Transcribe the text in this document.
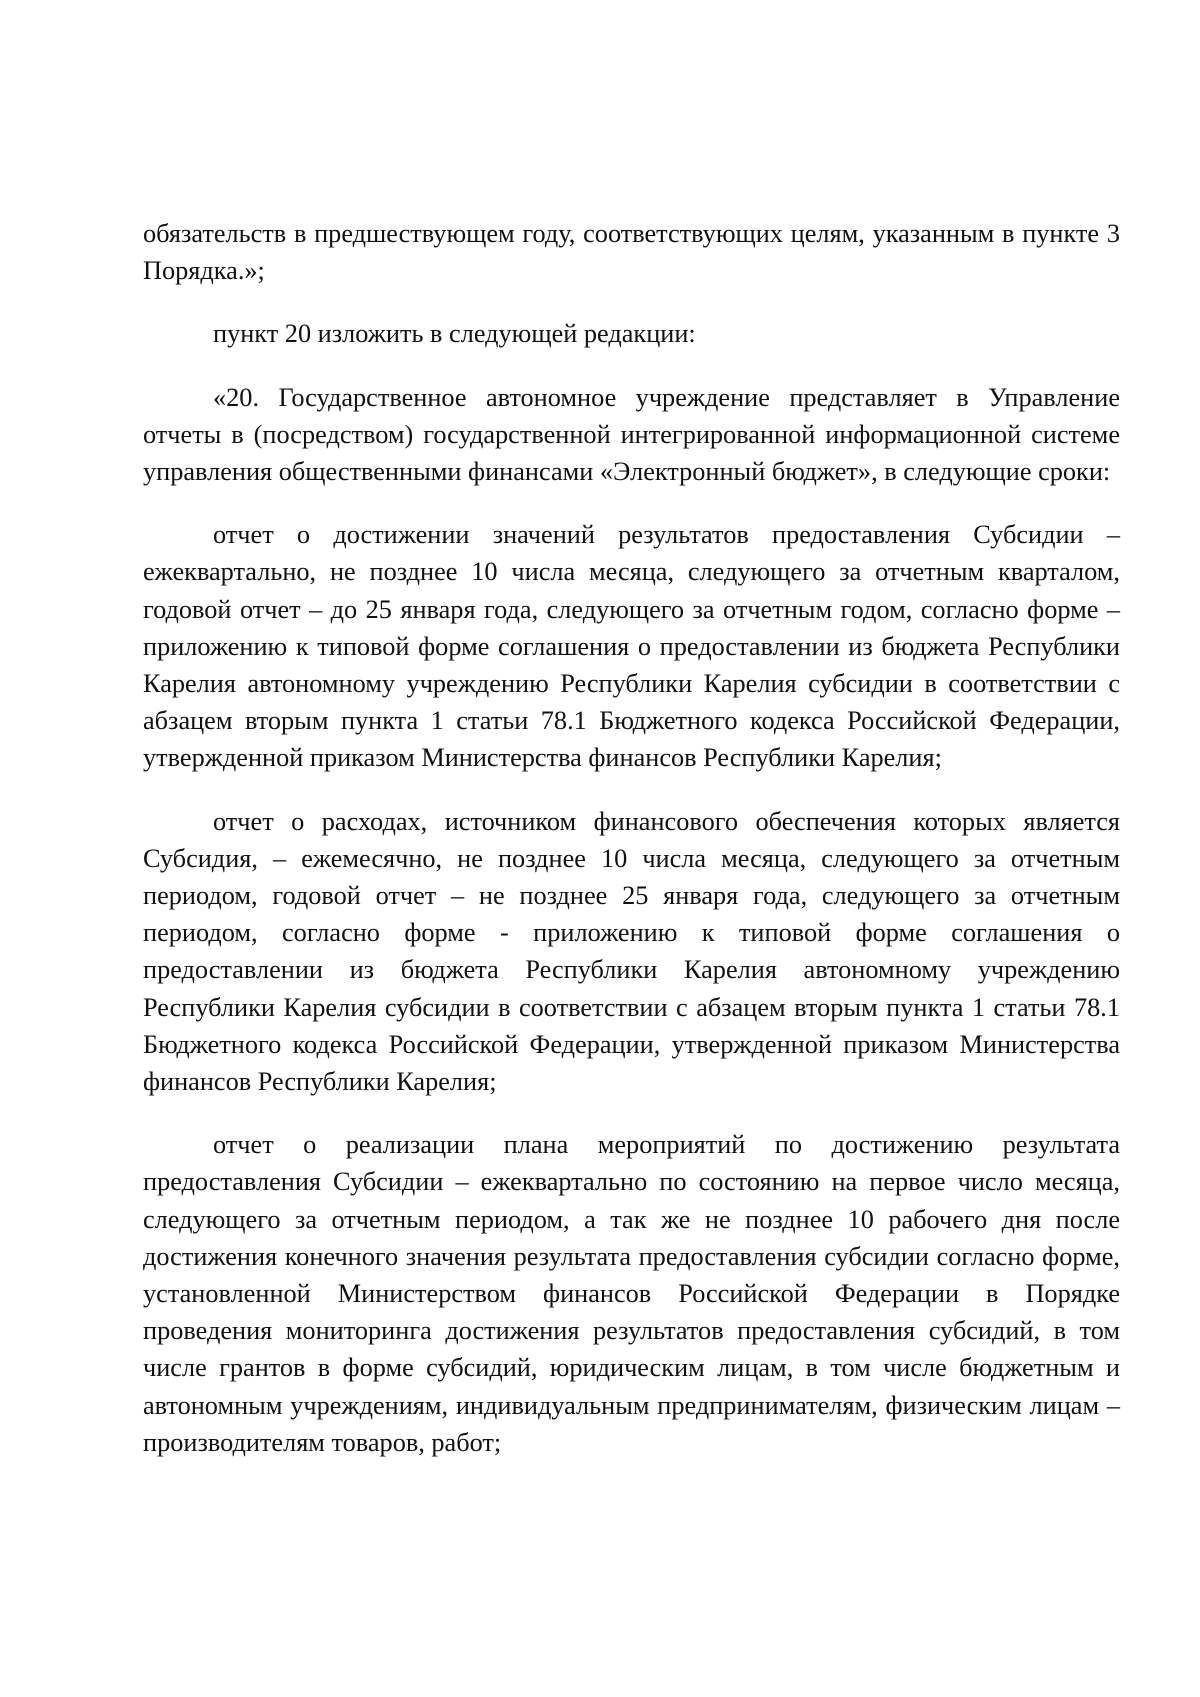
обязательств в предшествующем году, соответствующих целям, указанным в пункте 3 Порядка.»;

пункт 20 изложить в следующей редакции:

«20. Государственное автономное учреждение представляет в Управление отчеты в (посредством) государственной интегрированной информационной системе управления общественными финансами «Электронный бюджет», в следующие сроки:

отчет о достижении значений результатов предоставления Субсидии – ежеквартально, не позднее 10 числа месяца, следующего за отчетным кварталом, годовой отчет – до 25 января года, следующего за отчетным годом, согласно форме – приложению к типовой форме соглашения о предоставлении из бюджета Республики Карелия автономному учреждению Республики Карелия субсидии в соответствии с абзацем вторым пункта 1 статьи 78.1 Бюджетного кодекса Российской Федерации, утвержденной приказом Министерства финансов Республики Карелия;

отчет о расходах, источником финансового обеспечения которых является Субсидия, – ежемесячно, не позднее 10 числа месяца, следующего за отчетным периодом, годовой отчет – не позднее 25 января года, следующего за отчетным периодом, согласно форме - приложению к типовой форме соглашения о предоставлении из бюджета Республики Карелия автономному учреждению Республики Карелия субсидии в соответствии с абзацем вторым пункта 1 статьи 78.1 Бюджетного кодекса Российской Федерации, утвержденной приказом Министерства финансов Республики Карелия;

отчет о реализации плана мероприятий по достижению результата предоставления Субсидии – ежеквартально по состоянию на первое число месяца, следующего за отчетным периодом, а так же не позднее 10 рабочего дня после достижения конечного значения результата предоставления субсидии согласно форме, установленной Министерством финансов Российской Федерации в Порядке проведения мониторинга достижения результатов предоставления субсидий, в том числе грантов в форме субсидий, юридическим лицам, в том числе бюджетным и автономным учреждениям, индивидуальным предпринимателям, физическим лицам – производителям товаров, работ;
